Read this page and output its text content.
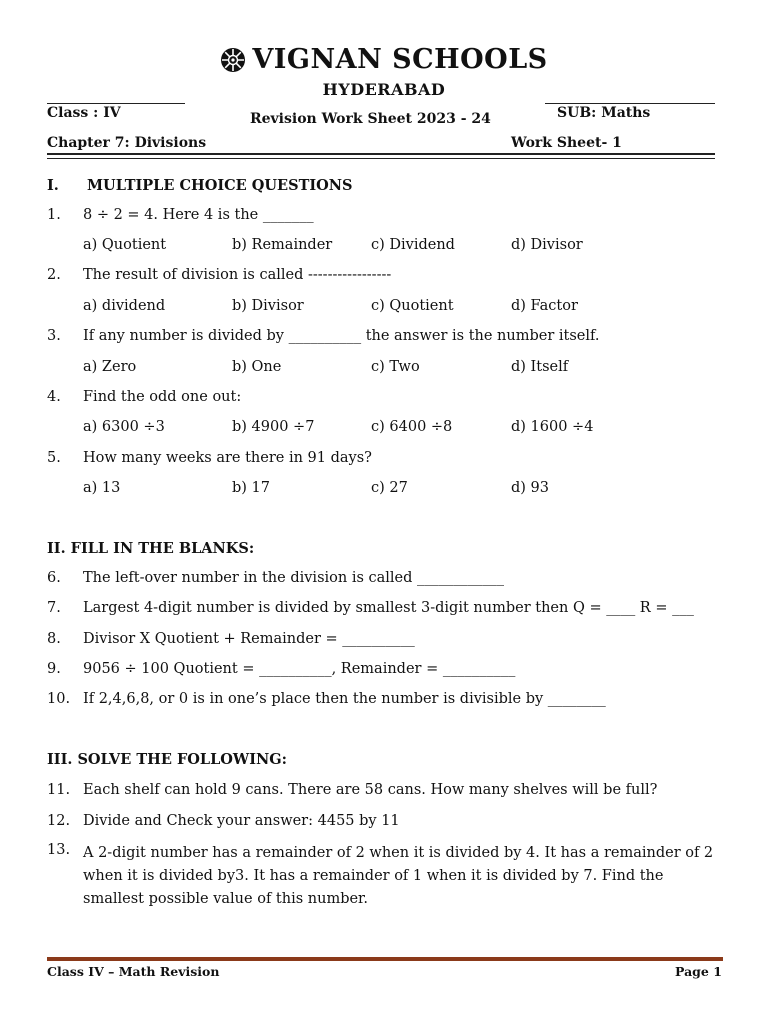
VIGNAN SCHOOLS
HYDERABAD
Class : IV	Revision Work Sheet 2023 - 24	SUB: Maths
Chapter 7: Divisions	Work Sheet- 1
I. MULTIPLE CHOICE QUESTIONS
1. 8 ÷ 2 = 4. Here 4 is the _______
a) Quotient	b) Remainder	c) Dividend	d) Divisor
2. The result of division is called -----------------
a) dividend	b) Divisor	c) Quotient	d) Factor
3. If any number is divided by __________ the answer is the number itself.
a) Zero	b) One	c) Two	d) Itself
4. Find the odd one out:
a) 6300 ÷3	b) 4900 ÷7	c) 6400 ÷8	d) 1600 ÷4
5. How many weeks are there in 91 days?
a) 13	b) 17	c) 27	d) 93
II. FILL IN THE BLANKS:
6. The left-over number in the division is called ____________
7. Largest 4-digit number is divided by smallest 3-digit number then Q = ____ R = ___
8. Divisor X Quotient + Remainder = __________
9. 9056 ÷ 100 Quotient = __________, Remainder = __________
10. If 2,4,6,8, or 0 is in one’s place then the number is divisible by ________
III. SOLVE THE FOLLOWING:
11. Each shelf can hold 9 cans. There are 58 cans. How many shelves will be full?
12. Divide and Check your answer: 4455 by 11
13. A 2-digit number has a remainder of 2 when it is divided by 4. It has a remainder of 2 when it is divided by3. It has a remainder of 1 when it is divided by 7. Find the smallest possible value of this number.
Class IV – Math Revision	Page 1
